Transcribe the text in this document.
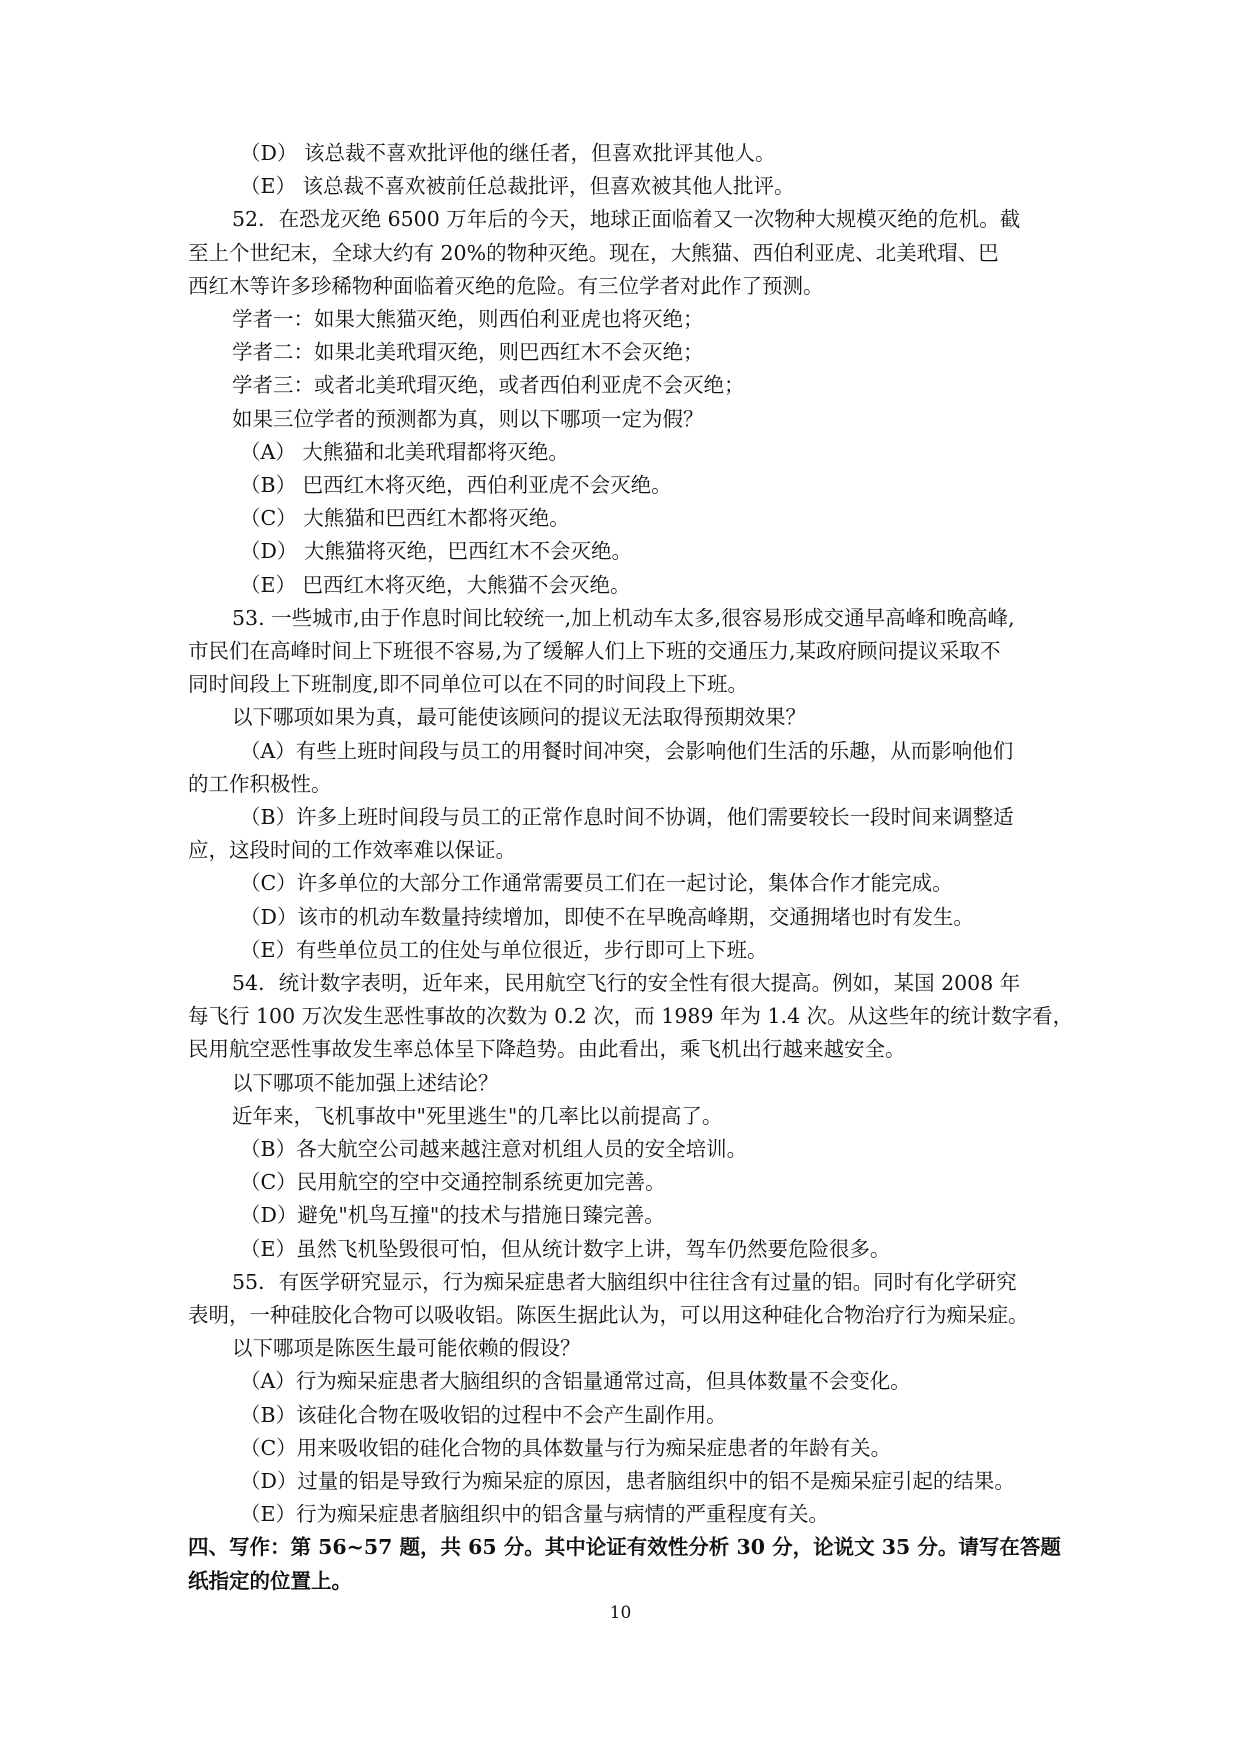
（D） 该总裁不喜欢批评他的继任者，但喜欢批评其他人。
（E） 该总裁不喜欢被前任总裁批评，但喜欢被其他人批评。
52．在恐龙灭绝 6500 万年后的今天，地球正面临着又一次物种大规模灭绝的危机。截
至上个世纪末，全球大约有 20%的物种灭绝。现在，大熊猫、西伯利亚虎、北美玳瑁、巴
西红木等许多珍稀物种面临着灭绝的危险。有三位学者对此作了预测。
学者一：如果大熊猫灭绝，则西伯利亚虎也将灭绝；
学者二：如果北美玳瑁灭绝，则巴西红木不会灭绝；
学者三：或者北美玳瑁灭绝，或者西伯利亚虎不会灭绝；
如果三位学者的预测都为真，则以下哪项一定为假？
（A） 大熊猫和北美玳瑁都将灭绝。
（B） 巴西红木将灭绝，西伯利亚虎不会灭绝。
（C） 大熊猫和巴西红木都将灭绝。
（D） 大熊猫将灭绝，巴西红木不会灭绝。
（E） 巴西红木将灭绝，大熊猫不会灭绝。
53. 一些城市,由于作息时间比较统一,加上机动车太多,很容易形成交通早高峰和晚高峰,
市民们在高峰时间上下班很不容易,为了缓解人们上下班的交通压力,某政府顾问提议采取不
同时间段上下班制度,即不同单位可以在不同的时间段上下班。
以下哪项如果为真，最可能使该顾问的提议无法取得预期效果？
（A）有些上班时间段与员工的用餐时间冲突，会影响他们生活的乐趣，从而影响他们
的工作积极性。
（B）许多上班时间段与员工的正常作息时间不协调，他们需要较长一段时间来调整适
应，这段时间的工作效率难以保证。
（C）许多单位的大部分工作通常需要员工们在一起讨论，集体合作才能完成。
（D）该市的机动车数量持续增加，即使不在早晚高峰期，交通拥堵也时有发生。
（E）有些单位员工的住处与单位很近，步行即可上下班。
54．统计数字表明，近年来，民用航空飞行的安全性有很大提高。例如，某国 2008 年
每飞行 100 万次发生恶性事故的次数为 0.2 次，而 1989 年为 1.4 次。从这些年的统计数字看，
民用航空恶性事故发生率总体呈下降趋势。由此看出，乘飞机出行越来越安全。
以下哪项不能加强上述结论？
近年来，飞机事故中"死里逃生"的几率比以前提高了。
（B）各大航空公司越来越注意对机组人员的安全培训。
（C）民用航空的空中交通控制系统更加完善。
（D）避免"机鸟互撞"的技术与措施日臻完善。
（E）虽然飞机坠毁很可怕，但从统计数字上讲，驾车仍然要危险很多。
55．有医学研究显示，行为痴呆症患者大脑组织中往往含有过量的铝。同时有化学研究
表明，一种硅胶化合物可以吸收铝。陈医生据此认为，可以用这种硅化合物治疗行为痴呆症。
以下哪项是陈医生最可能依赖的假设？
（A）行为痴呆症患者大脑组织的含铝量通常过高，但具体数量不会变化。
（B）该硅化合物在吸收铝的过程中不会产生副作用。
（C）用来吸收铝的硅化合物的具体数量与行为痴呆症患者的年龄有关。
（D）过量的铝是导致行为痴呆症的原因，患者脑组织中的铝不是痴呆症引起的结果。
（E）行为痴呆症患者脑组织中的铝含量与病情的严重程度有关。
四、写作：第 56~57 题，共 65 分。其中论证有效性分析 30 分，论说文 35 分。请写在答题
纸指定的位置上。
10
